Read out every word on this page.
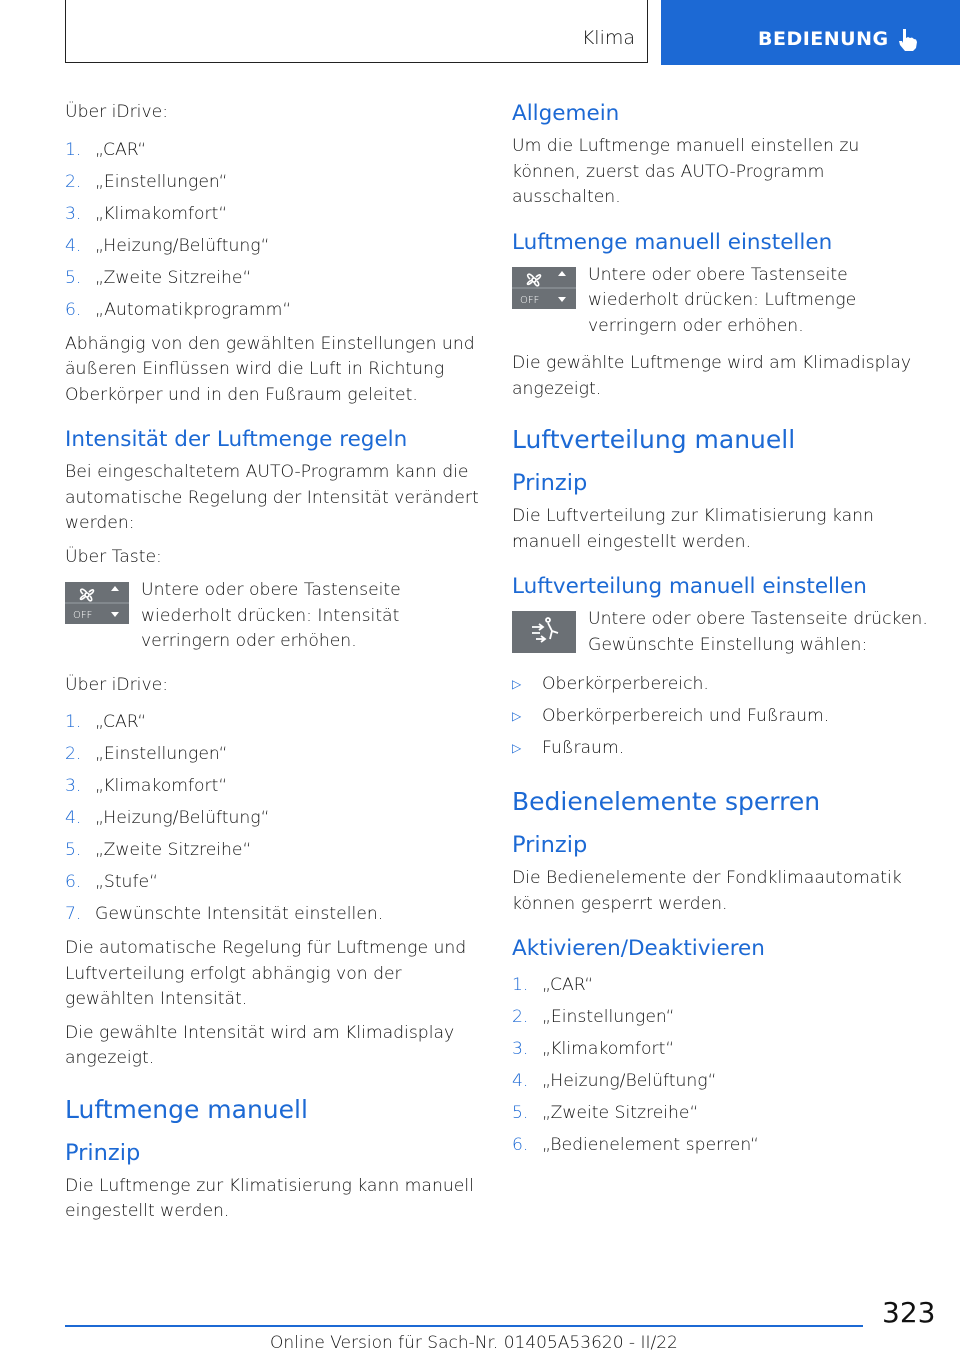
Klima	BEDIENUNG

Über iDrive:

1. „CAR“
2. „Einstellungen“
3. „Klimakomfort“
4. „Heizung/Belüftung“
5. „Zweite Sitzreihe“
6. „Automatikprogramm“

Abhängig von den gewählten Einstellungen und äußeren Einflüssen wird die Luft in Richtung Oberkörper und in den Fußraum geleitet.

Intensität der Luftmenge regeln

Bei eingeschaltetem AUTO-Programm kann die automatische Regelung der Intensität verändert werden:

Über Taste:

OFF

Untere oder obere Tastenseite wiederholt drücken: Intensität verringern oder erhöhen.

Über iDrive:

1. „CAR“
2. „Einstellungen“
3. „Klimakomfort“
4. „Heizung/Belüftung“
5. „Zweite Sitzreihe“
6. „Stufe“
7. Gewünschte Intensität einstellen.

Die automatische Regelung für Luftmenge und Luftverteilung erfolgt abhängig von der gewählten Intensität.

Die gewählte Intensität wird am Klimadisplay angezeigt.

Luftmenge manuell
Prinzip

Die Luftmenge zur Klimatisierung kann manuell eingestellt werden.

Allgemein

Um die Luftmenge manuell einstellen zu können, zuerst das AUTO-Programm ausschalten.

Luftmenge manuell einstellen
OFF

Untere oder obere Tastenseite wiederholt drücken: Luftmenge verringern oder erhöhen.

Die gewählte Luftmenge wird am Klimadisplay angezeigt.

Luftverteilung manuell
Prinzip

Die Luftverteilung zur Klimatisierung kann manuell eingestellt werden.

Luftverteilung manuell einstellen

Untere oder obere Tastenseite drücken. Gewünschte Einstellung wählen:

▷	Oberkörperbereich.
▷	Oberkörperbereich und Fußraum.
▷	Fußraum.
Bedienelemente sperren
Prinzip

Die Bedienelemente der Fondklimaautomatik können gesperrt werden.

Aktivieren/Deaktivieren
1. „CAR“
2. „Einstellungen“
3. „Klimakomfort“
4. „Heizung/Belüftung“
5. „Zweite Sitzreihe“
6. „Bedienelement sperren“
323
Online Version für Sach-Nr. 01405A53620 - II/22
